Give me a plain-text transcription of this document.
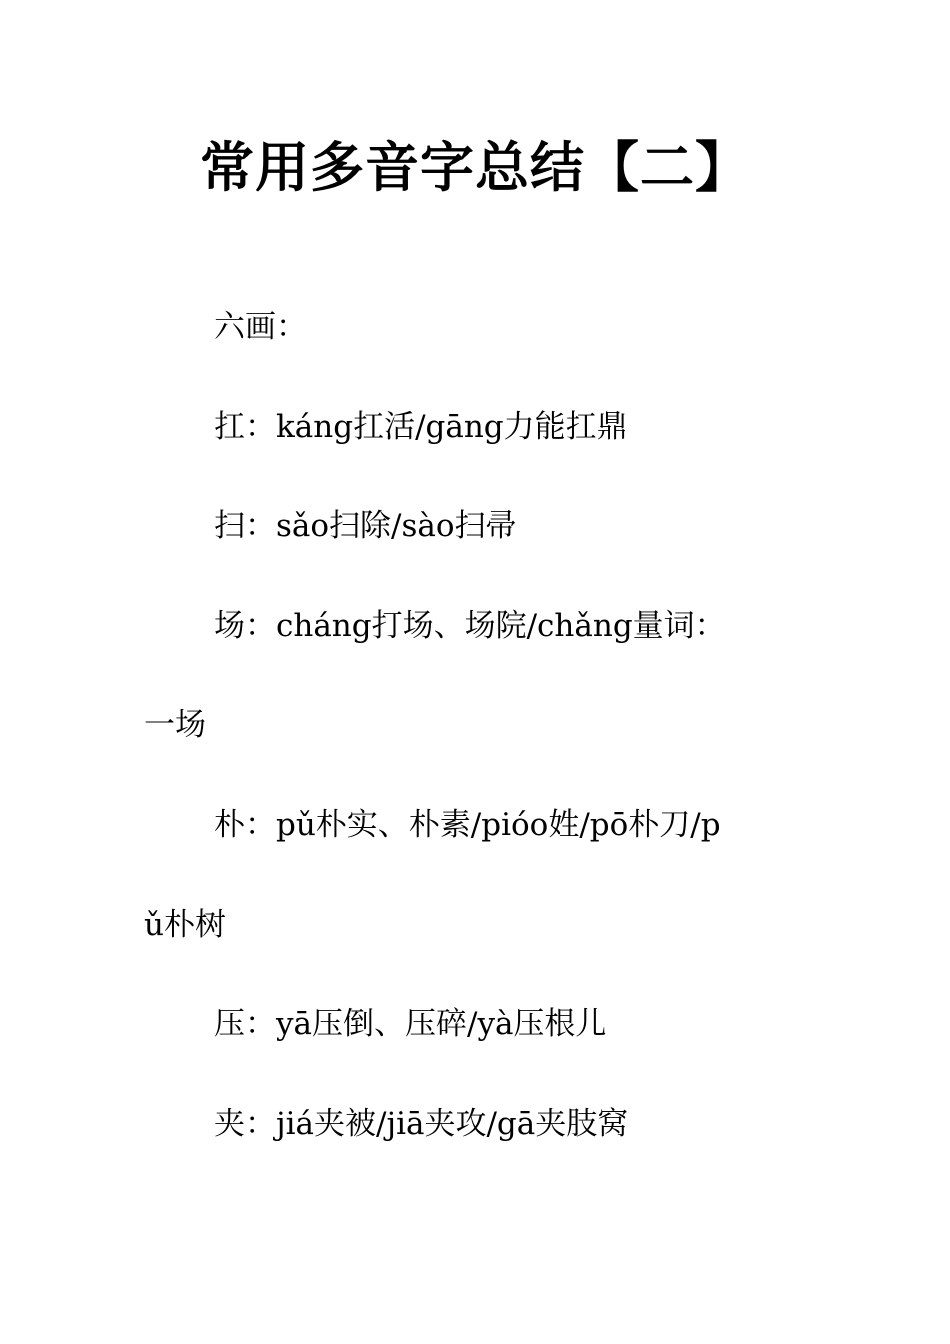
常用多音字总结【二】
六画：
扛：káng扛活/gāng力能扛鼎
扫：sǎo扫除/sào扫帚
场：cháng打场、场院/chǎng量词：
一场
朴：pǔ朴实、朴素/pióo姓/pō朴刀/p
ǔ朴树
压：yā压倒、压碎/yà压根儿
夹：jiá夹被/jiā夹攻/gā夹肢窝
